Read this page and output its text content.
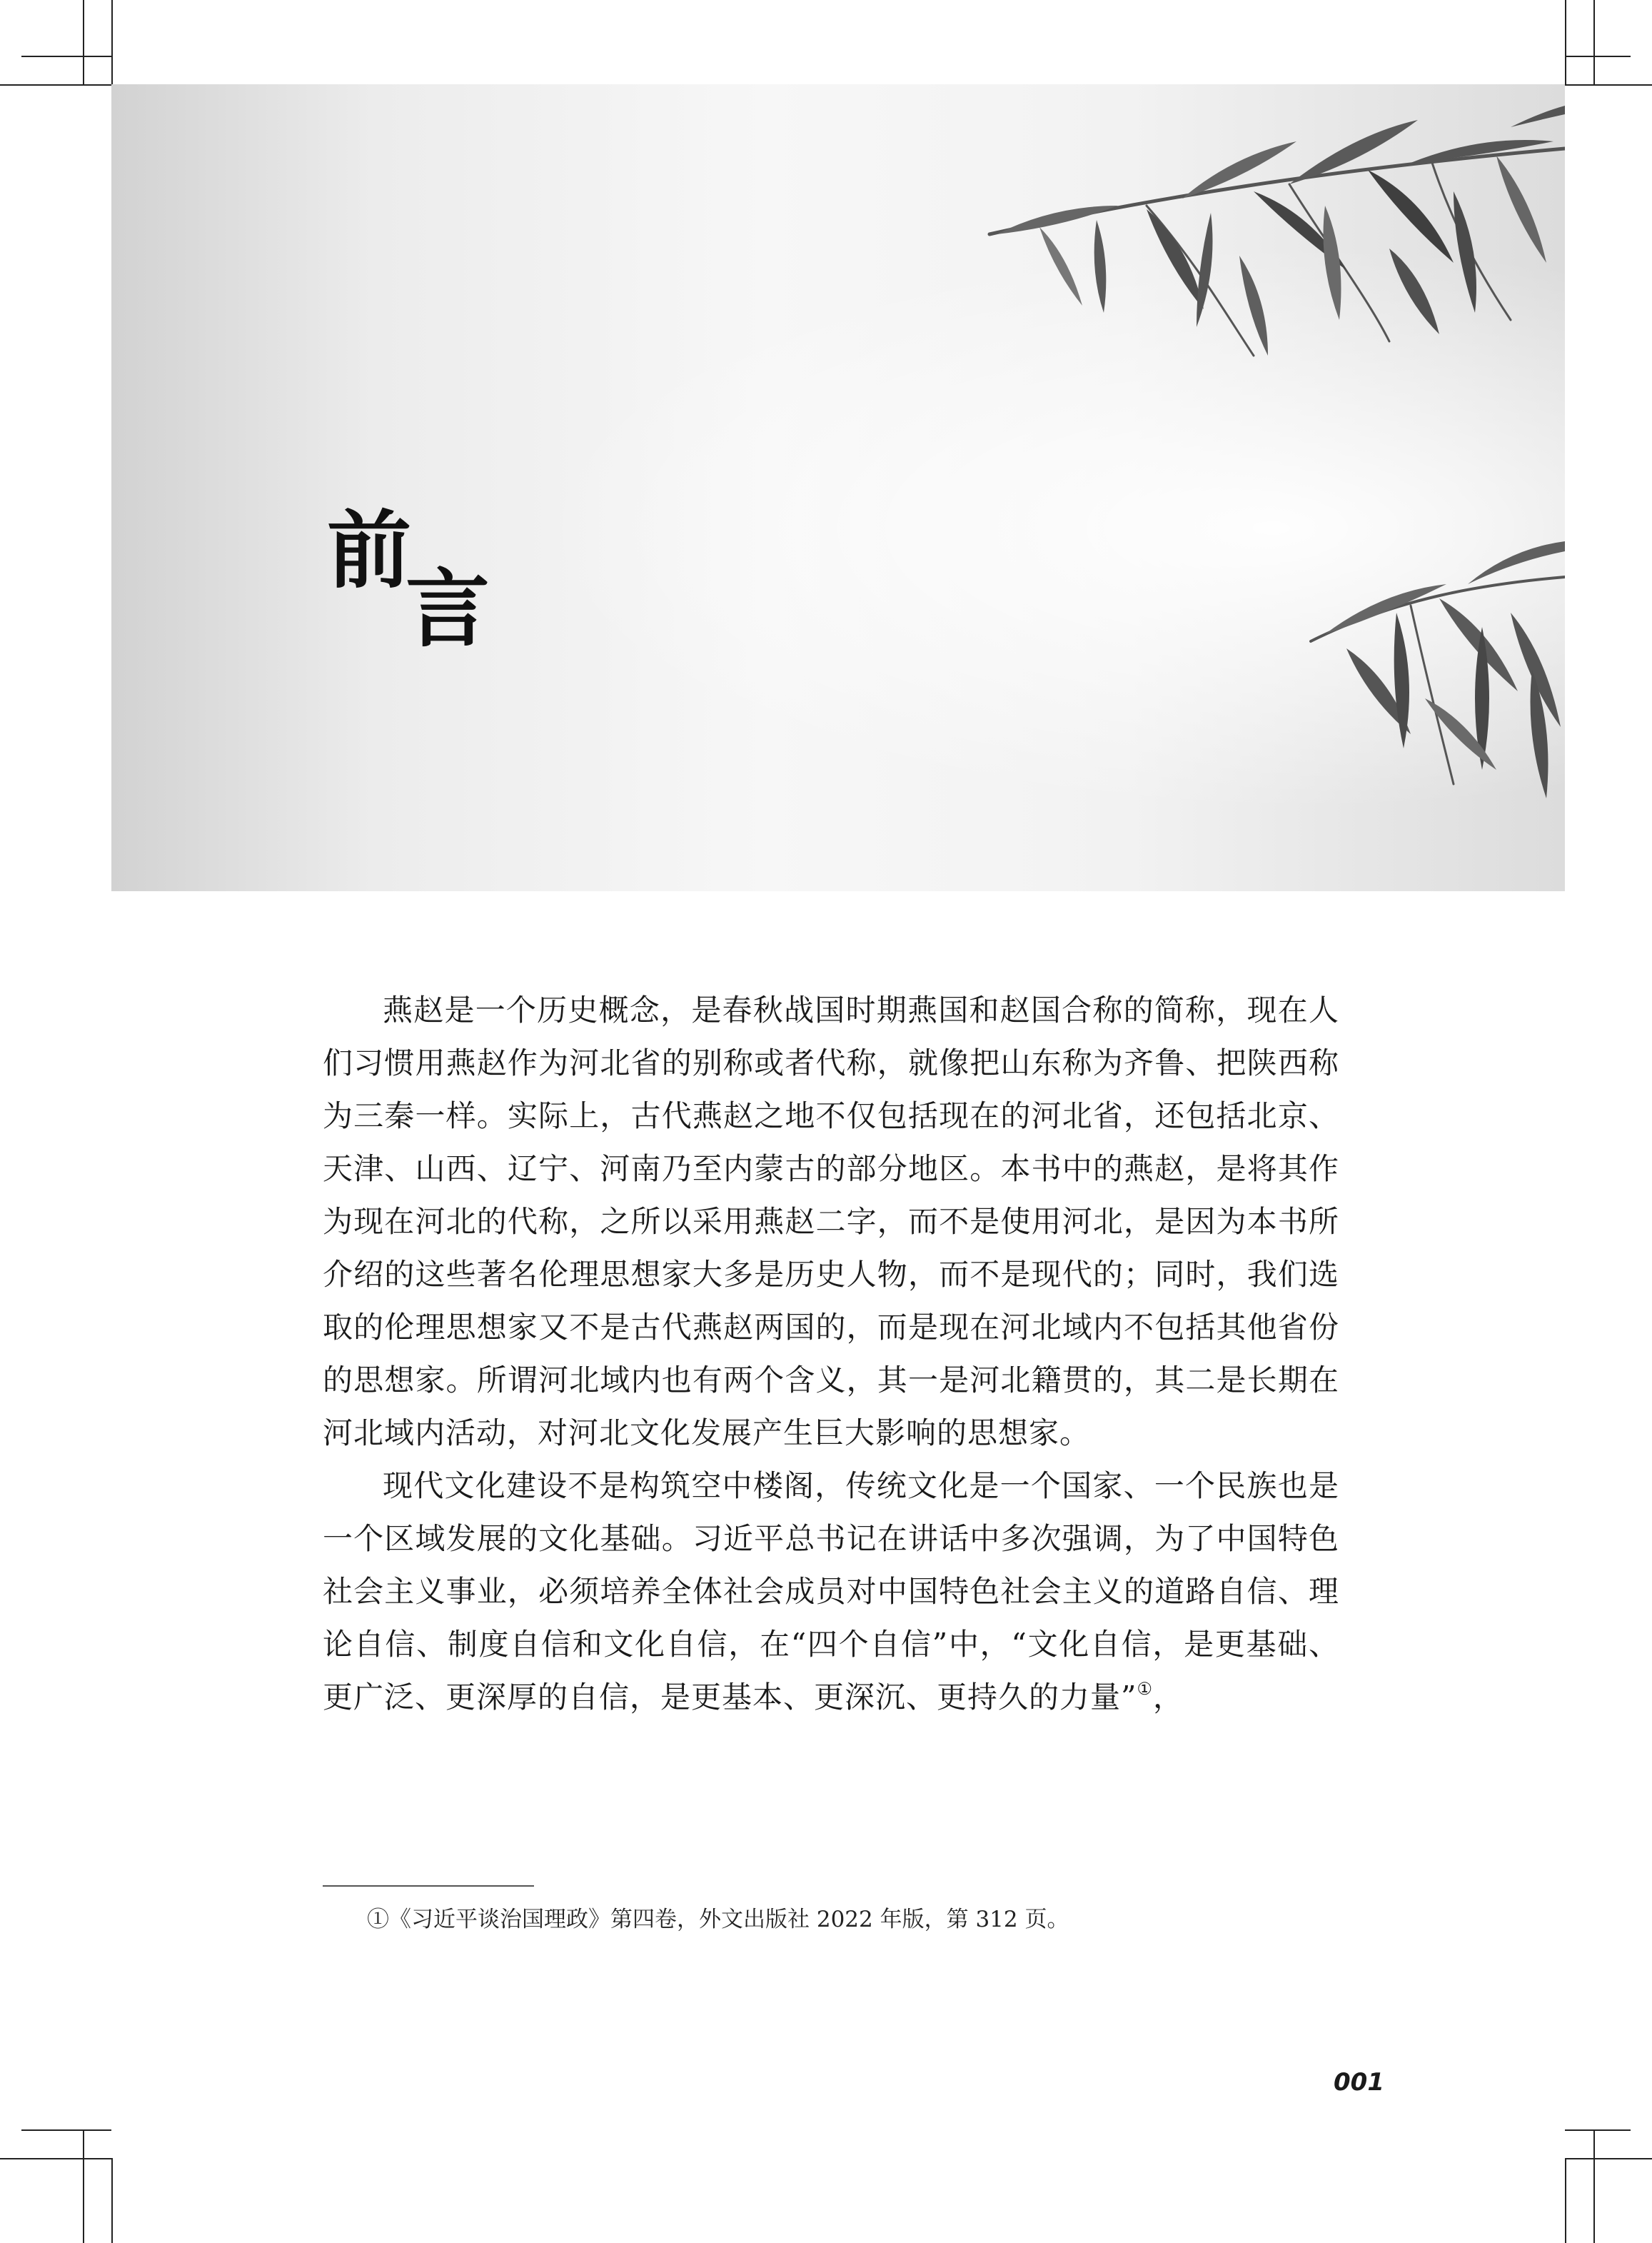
前
言

燕赵是一个历史概念，是春秋战国时期燕国和赵国合称的简称，现在人们习惯用燕赵作为河北省的别称或者代称，就像把山东称为齐鲁、把陕西称为三秦一样。实际上，古代燕赵之地不仅包括现在的河北省，还包括北京、天津、山西、辽宁、河南乃至内蒙古的部分地区。本书中的燕赵，是将其作为现在河北的代称，之所以采用燕赵二字，而不是使用河北，是因为本书所介绍的这些著名伦理思想家大多是历史人物，而不是现代的；同时，我们选取的伦理思想家又不是古代燕赵两国的，而是现在河北域内不包括其他省份的思想家。所谓河北域内也有两个含义，其一是河北籍贯的，其二是长期在河北域内活动，对河北文化发展产生巨大影响的思想家。

现代文化建设不是构筑空中楼阁，传统文化是一个国家、一个民族也是一个区域发展的文化基础。习近平总书记在讲话中多次强调，为了中国特色社会主义事业，必须培养全体社会成员对中国特色社会主义的道路自信、理论自信、制度自信和文化自信，在“四个自信”中，“文化自信，是更基础、更广泛、更深厚的自信，是更基本、更深沉、更持久的力量”①，

①《习近平谈治国理政》第四卷，外文出版社 2022 年版，第 312 页。
001
